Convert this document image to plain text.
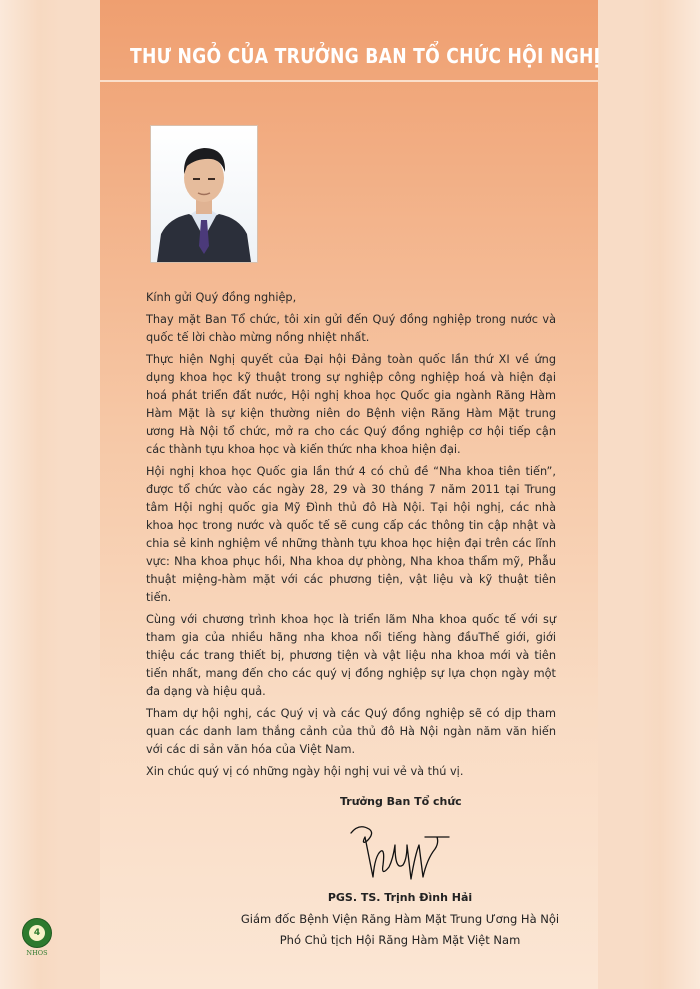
THƯ NGỎ CỦA TRƯỞNG BAN TỔ CHỨC HỘI NGHỊ

Kính gửi Quý đồng nghiệp,

Thay mặt Ban Tổ chức, tôi xin gửi đến Quý đồng nghiệp trong nước và quốc tế lời chào mừng nồng nhiệt nhất.

Thực hiện Nghị quyết của Đại hội Đảng toàn quốc lần thứ XI về ứng dụng khoa học kỹ thuật trong sự nghiệp công nghiệp hoá và hiện đại hoá phát triển đất nước, Hội nghị khoa học Quốc gia ngành Răng Hàm Hàm Mặt là sự kiện thường niên do Bệnh viện Răng Hàm Mặt trung ương Hà Nội tổ chức, mở ra cho các Quý đồng nghiệp cơ hội tiếp cận các thành tựu khoa học và kiến thức nha khoa hiện đại.

Hội nghị khoa học Quốc gia lần thứ 4 có chủ đề “Nha khoa tiên tiến”, được tổ chức vào các ngày 28, 29 và 30 tháng 7 năm 2011 tại Trung tâm Hội nghị quốc gia Mỹ Đình thủ đô Hà Nội. Tại hội nghị, các nhà khoa học trong nước và quốc tế sẽ cung cấp các thông tin cập nhật và chia sẻ kinh nghiệm về những thành tựu khoa học hiện đại trên các lĩnh vực: Nha khoa phục hồi, Nha khoa dự phòng, Nha khoa thẩm mỹ, Phẫu thuật miệng-hàm mặt với các phương tiện, vật liệu và kỹ thuật tiên tiến.

Cùng với chương trình khoa học là triển lãm Nha khoa quốc tế với sự tham gia của nhiều hãng nha khoa nổi tiếng hàng đầuThế giới, giới thiệu các trang thiết bị, phương tiện và vật liệu nha khoa mới và tiên tiến nhất, mang đến cho các quý vị đồng nghiệp sự lựa chọn ngày một đa dạng và hiệu quả.

Tham dự hội nghị, các Quý vị và các Quý đồng nghiệp sẽ có dịp tham quan các danh lam thắng cảnh của thủ đô Hà Nội ngàn năm văn hiến với các di sản văn hóa của Việt Nam.

Xin chúc quý vị có những ngày hội nghị vui vẻ và thú vị.

Trưởng Ban Tổ chức
PGS. TS. Trịnh Đình Hải
Giám đốc Bệnh Viện Răng Hàm Mặt Trung Ương Hà Nội
Phó Chủ tịch Hội Răng Hàm Mặt Việt Nam
4
NHOS
